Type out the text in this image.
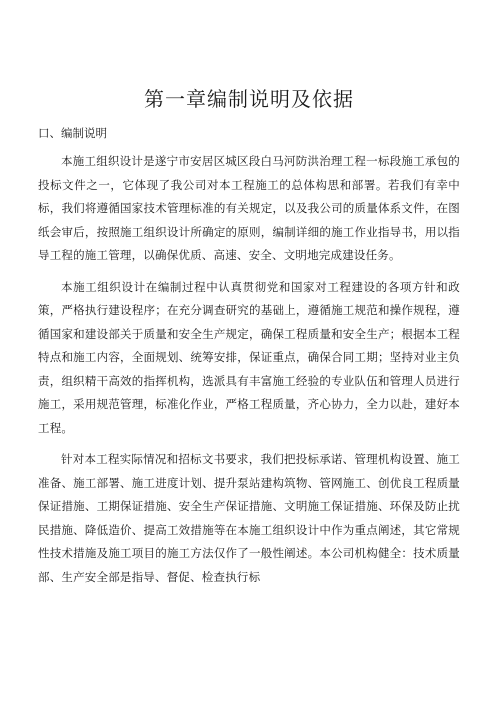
第一章编制说明及依据
口、编制说明

本施工组织设计是遂宁市安居区城区段白马河防洪治理工程一标段施工承包的投标文件之一，它体现了我公司对本工程施工的总体构思和部署。若我们有幸中标，我们将遵循国家技术管理标准的有关规定，以及我公司的质量体系文件，在图纸会审后，按照施工组织设计所确定的原则，编制详细的施工作业指导书，用以指导工程的施工管理，以确保优质、高速、安全、文明地完成建设任务。

本施工组织设计在编制过程中认真贯彻党和国家对工程建设的各项方针和政策，严格执行建设程序；在充分调查研究的基础上，遵循施工规范和操作规程，遵循国家和建设部关于质量和安全生产规定，确保工程质量和安全生产；根据本工程特点和施工内容，全面规划、统筹安排，保证重点，确保合同工期；坚持对业主负责，组织精干高效的指挥机构，选派具有丰富施工经验的专业队伍和管理人员进行施工，采用规范管理，标准化作业，严格工程质量，齐心协力，全力以赴，建好本工程。

针对本工程实际情况和招标文书要求，我们把投标承诺、管理机构设置、施工准备、施工部署、施工进度计划、提升泵站建构筑物、管网施工、创优良工程质量保证措施、工期保证措施、安全生产保证措施、文明施工保证措施、环保及防止扰民措施、降低造价、提高工效措施等在本施工组织设计中作为重点阐述，其它常规性技术措施及施工项目的施工方法仅作了一般性阐述。本公司机构健全：技术质量部、生产安全部是指导、督促、检查执行标
